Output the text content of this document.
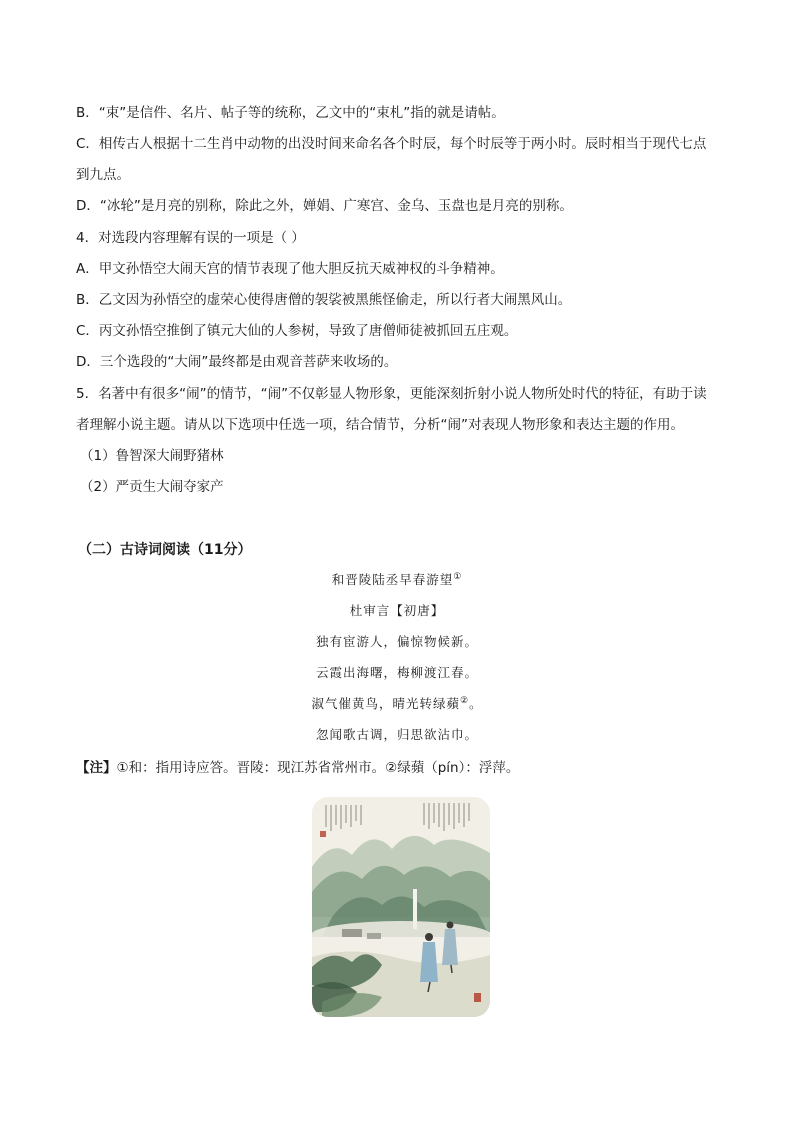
B．“束”是信件、名片、帖子等的统称，乙文中的“束札”指的就是请帖。
C．相传古人根据十二生肖中动物的出没时间来命名各个时辰，每个时辰等于两小时。辰时相当于现代七点
到九点。
D．“冰轮”是月亮的别称，除此之外，婵娟、广寒宫、金乌、玉盘也是月亮的别称。
4．对选段内容理解有误的一项是（ ）
A．甲文孙悟空大闹天宫的情节表现了他大胆反抗天威神权的斗争精神。
B．乙文因为孙悟空的虚荣心使得唐僧的袈裟被黑熊怪偷走，所以行者大闹黑风山。
C．丙文孙悟空推倒了镇元大仙的人参树，导致了唐僧师徒被抓回五庄观。
D．三个选段的“大闹”最终都是由观音菩萨来收场的。
5．名著中有很多“闹”的情节，“闹”不仅彰显人物形象，更能深刻折射小说人物所处时代的特征，有助于读
者理解小说主题。请从以下选项中任选一项，结合情节，分析“闹”对表现人物形象和表达主题的作用。
（1）鲁智深大闹野猪林
（2）严贡生大闹夺家产
（二）古诗词阅读（11分）
和晋陵陆丞早春游望①
杜审言【初唐】
独有宦游人，偏惊物候新。
云霞出海曙，梅柳渡江春。
淑气催黄鸟，晴光转绿蘋②。
忽闻歌古调，归思欲沾巾。
【注】①和：指用诗应答。晋陵：现江苏省常州市。②绿蘋（pín）：浮萍。
